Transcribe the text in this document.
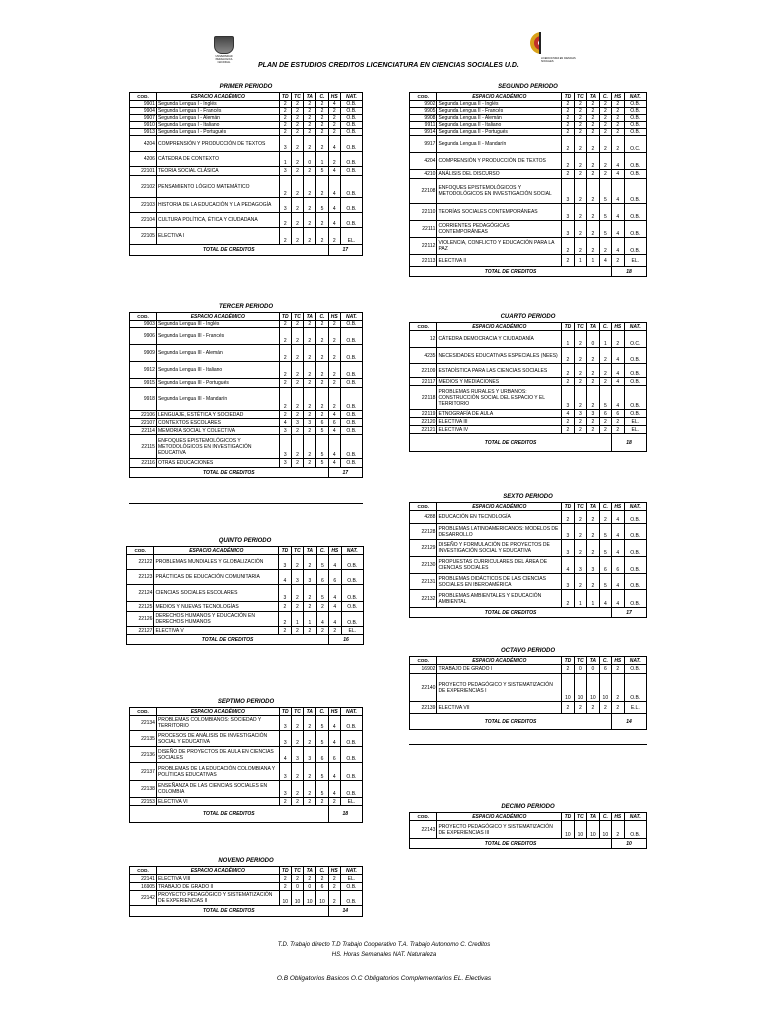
UNIVERSIDAD PEDAGOGICA NACIONAL
LICENCIATURA EN CIENCIAS SOCIALES
PLAN DE ESTUDIOS CREDITOS LICENCIATURA EN CIENCIAS SOCIALES U.D.
PRIMER PERIODO
COD.	ESPACIO ACADÉMICO	TD	TC	TA	C.	HS	NAT.
9901	Segunda Lengua I - Inglés	2	2	2	2	4	O.B.
9904	Segunda Lengua I - Francés	2	2	2	2	2	O.B.
9907	Segunda Lengua I - Alemán	2	2	2	2	2	O.B.
9910	Segunda Lengua I - Italiano	2	2	2	2	2	O.B.
9913	Segunda Lengua I - Portugués	2	2	2	2	2	O.B.
4204	COMPRENSIÓN Y PRODUCCIÓN DE TEXTOS	3	2	2	2	4	O.B.
4206	CÁTEDRA DE CONTEXTO	1	2	0	1	2	O.B.
22101	TEORIA SOCIAL CLÁSICA	3	2	2	5	4	O.B.
22102	PENSAMIENTO LÓGICO MATEMÁTICO	2	2	2	2	4	O.B.
22103	HISTORIA DE LA EDUCACIÓN Y LA PEDAGOGÍA	3	2	2	5	4	O.B.
22104	CULTURA POLÍTICA, ÉTICA Y CIUDADANA	2	2	2	2	4	O.B.
22105	ELECTIVA I	2	2	2	2	2	EL.
TOTAL DE CREDITOS						17	
SEGUNDO PERIODO
COD.	ESPACIO ACADÉMICO	TD	TC	TA	C.	HS	NAT.
9902	Segunda Lengua II - Inglés	2	2	2	2	2	O.B.
9905	Segunda Lengua II - Francés	2	2	2	2	2	O.B.
9908	Segunda Lengua II - Alemán	2	2	2	2	2	O.B.
9911	Segunda Lengua II - Italiano	2	2	2	2	2	O.B.
9914	Segunda Lengua II - Portugués	2	2	2	2	2	O.B.
9917	Segunda Lengua II - Mandarín	2	2	2	2	2	O.C.
4204	COMPRENSIÓN Y PRODUCCIÓN DE TEXTOS	2	2	2	2	4	O.B.
4210	ANÁLISIS DEL DISCURSO	2	2	2	2	4	O.B.
22108	ENFOQUES EPISTEMOLÓGICOS Y METODOLÓGICOS EN INVESTIGACIÓN SOCIAL	3	2	2	5	4	O.B.
22110	TEORÍAS SOCIALES CONTEMPORÁNEAS	3	2	2	5	4	O.B.
22111	CORRIENTES PEDAGÓGICAS CONTEMPORÁNEAS	3	2	2	5	4	O.B.
22112	VIOLENCIA, CONFLICTO Y EDUCACIÓN PARA LA PAZ	2	2	2	2	4	O.B.
22113	ELECTIVA II	2	1	1	4	2	EL.
TOTAL DE CREDITOS						18	
TERCER PERIODO
COD.	ESPACIO ACADÉMICO	TD	TC	TA	C.	HS	NAT.
9903	Segunda Lengua III - Inglés	2	2	2	2	2	O.B.
9906	Segunda Lengua III - Francés	2	2	2	2	2	O.B.
9909	Segunda Lengua III - Alemán	2	2	2	2	2	O.B.
9912	Segunda Lengua III - Italiano	2	2	2	2	2	O.B.
9915	Segunda Lengua III - Portugués	2	2	2	2	2	O.B.
9918	Segunda Lengua III - Mandarín	2	2	2	2	2	O.B.
22106	LENGUAJE, ESTÉTICA Y SOCIEDAD	2	2	2	2	4	O.B.
22107	CONTEXTOS ESCOLARES	4	3	3	6	6	O.B.
22114	MEMORIA SOCIAL Y COLECTIVA	3	2	2	5	4	O.B.
22115	ENFOQUES EPISTEMOLÓGICOS Y METODOLÓGICOS EN INVESTIGACIÓN EDUCATIVA	3	2	2	5	4	O.B.
22116	OTRAS EDUCACIONES	3	2	2	5	4	O.B.
TOTAL DE CREDITOS						17	
CUARTO PERIODO
COD.	ESPACIO ACADÉMICO	TD	TC	TA	C.	HS	NAT.
12	CÁTEDRA DEMOCRACIA Y CIUDADANÍA	1	2	0	1	2	O.C.
4235	NECESIDADES EDUCATIVAS ESPECIALES (NEES)	2	2	2	2	4	O.B.
22109	ESTADÍSTICA PARA LAS CIENCIAS SOCIALES	2	2	2	2	4	O.B.
22117	MEDIOS Y MEDIACIONES	2	2	2	2	4	O.B.
22118	PROBLEMAS RURALES Y URBANOS: CONSTRUCCIÓN SOCIAL DEL ESPACIO Y EL TERRITORIO	3	2	2	5	4	O.B.
22119	ETNOGRAFÍA DE AULA	4	3	3	6	6	O.B.
22120	ELECTIVA III	2	2	2	2	2	EL.
22121	ELECTIVA IV	2	2	2	2	2	EL.
TOTAL DE CREDITOS						18	
QUINTO PERIODO
COD.	ESPACIO ACADÉMICO	TD	TC	TA	C.	HS	NAT.
22122	PROBLEMAS MUNDIALES Y GLOBALIZACIÓN	3	2	2	5	4	O.B.
22123	PRÁCTICAS DE EDUCACIÓN COMUNITARIA	4	3	3	6	6	O.B.
22124	CIENCIAS SOCIALES ESCOLARES	3	2	2	5	4	O.B.
22125	MEDIOS Y NUEVAS TECNOLOGÍAS	2	2	2	2	4	O.B.
22126	DERECHOS HUMANOS Y EDUCACIÓN EN DERECHOS HUMANOS	2	1	1	4	4	O.B.
22127	ELECTIVA V	2	2	2	2	2	EL.
TOTAL DE CREDITOS						16	
SEXTO PERIODO
COD.	ESPACIO ACADÉMICO	TD	TC	TA	C.	HS	NAT.
4288	EDUCACIÓN EN TECNOLOGÍA	2	2	2	2	4	O.B.
22128	PROBLEMAS LATINOAMERICANOS: MODELOS DE DESARROLLO	3	2	2	5	4	O.B.
22129	DISEÑO Y FORMULACIÓN DE PROYECTOS DE INVESTIGACIÓN SOCIAL Y EDUCATIVA	3	2	2	5	4	O.B.
22130	PROPUESTAS CURRICULARES DEL ÁREA DE CIENCIAS SOCIALES	4	3	3	6	6	O.B.
22131	PROBLEMAS DIDÁCTICOS DE LAS CIENCIAS SOCIALES EN IBEROAMÉRICA	3	2	2	5	4	O.B.
22132	PROBLEMAS AMBIENTALES Y EDUCACIÓN AMBIENTAL	2	1	1	4	4	O.B.
TOTAL DE CREDITOS						17	
SEPTIMO PERIODO
COD.	ESPACIO ACADÉMICO	TD	TC	TA	C.	HS	NAT.
22134	PROBLEMAS COLOMBIANOS: SOCIEDAD Y TERRITORIO	3	2	2	5	4	O.B.
22135	PROCESOS DE ANÁLISIS DE INVESTIGACIÓN SOCIAL Y EDUCATIVA	3	2	2	5	4	O.B.
22136	DISEÑO DE PROYECTOS DE AULA EN CIENCIAS SOCIALES	4	3	3	6	6	O.B.
22137	PROBLEMAS DE LA EDUCACIÓN COLOMBIANA Y POLÍTICAS EDUCATIVAS	3	2	2	5	4	O.B.
22138	ENSEÑANZA DE LAS CIENCIAS SOCIALES EN COLOMBIA	3	2	2	5	4	O.B.
22153	ELECTIVA VI	2	2	2	2	2	EL.
TOTAL DE CREDITOS						18	
OCTAVO PERIODO
COD.	ESPACIO ACADÉMICO	TD	TC	TA	C.	HS	NAT.
16902	TRABAJO DE GRADO I	2	0	0	6	2	O.B.
22140	PROYECTO PEDAGÓGICO Y SISTEMATIZACIÓN DE EXPERIENCIAS I	10	10	10	10	2	O.B.
22139	ELECTIVA VII	2	2	2	2	2	E.L.
TOTAL DE CREDITOS						14	
NOVENO PERIODO
COD.	ESPACIO ACADÉMICO	TD	TC	TA	C.	HS	NAT.
22141	ELECTIVA VIII	2	2	2	2	2	EL.
16905	TRABAJO DE GRADO II	2	0	0	6	2	O.B.
22142	PROYECTO PEDAGÓGICO Y SISTEMATIZACIÓN DE EXPERIENCIAS II	10	10	10	10	2	O.B.
TOTAL DE CREDITOS						14	
DECIMO PERIODO
COD.	ESPACIO ACADÉMICO	TD	TC	TA	C.	HS	NAT.
22143	PROYECTO PEDAGÓGICO Y SISTEMATIZACIÓN DE EXPERIENCIAS III	10	10	10	10	2	O.B.
TOTAL DE CREDITOS						10	
T.D. Trabajo directo T.D Trabajo Cooperativo T.A. Trabajo Autonomo C. Creditos
HS. Horas Semanales NAT. Naturaleza
O.B Obligatorios Basicos O.C Obligatorios Complementarios EL. Electivas
